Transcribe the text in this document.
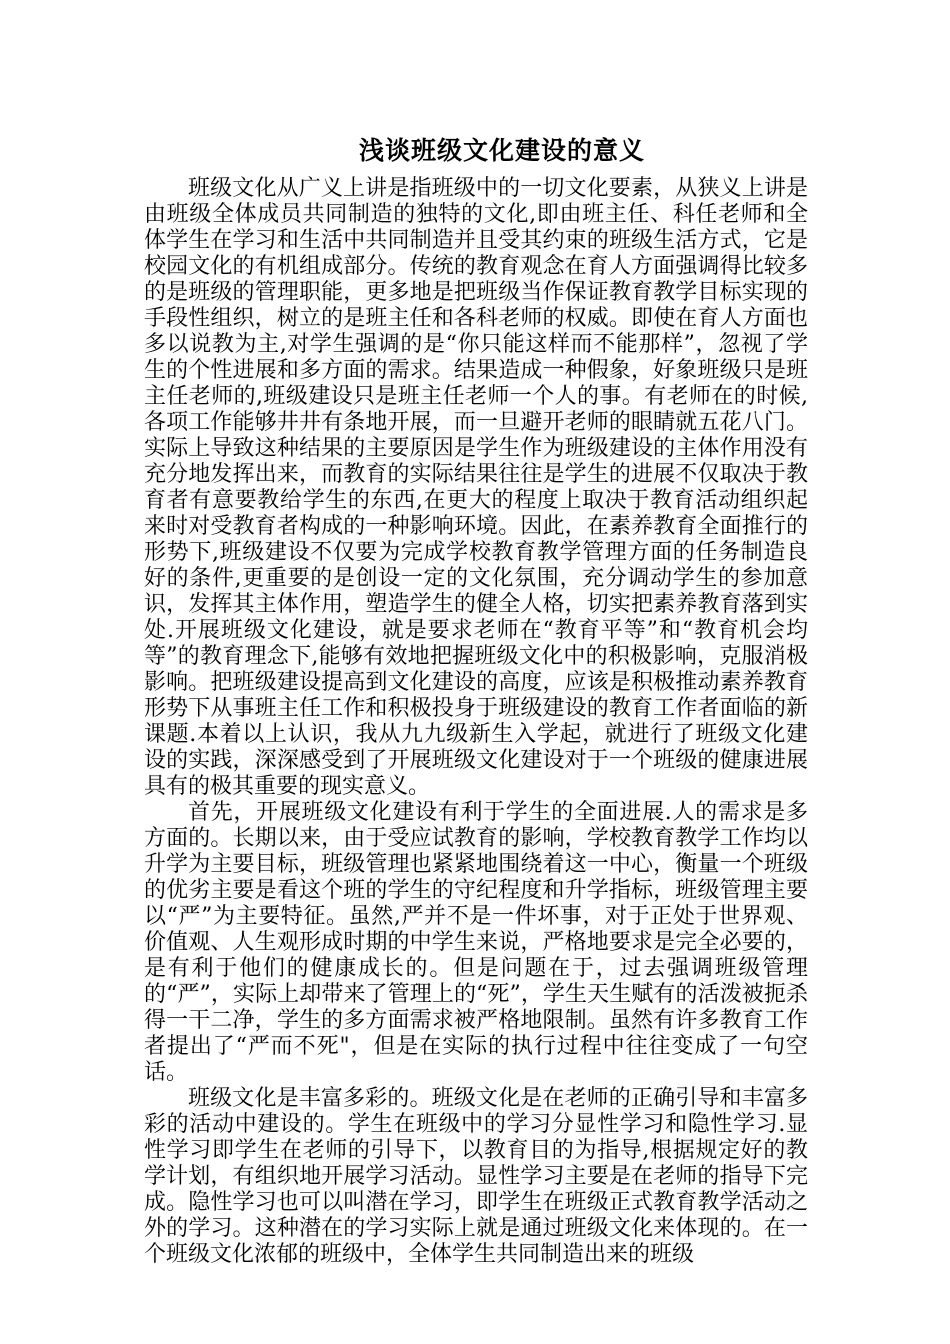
浅谈班级文化建设的意义

班级文化从广义上讲是指班级中的一切文化要素，从狭义上讲是由班级全体成员共同制造的独特的文化,即由班主任、科任老师和全体学生在学习和生活中共同制造并且受其约束的班级生活方式，它是校园文化的有机组成部分。传统的教育观念在育人方面强调得比较多的是班级的管理职能，更多地是把班级当作保证教育教学目标实现的手段性组织，树立的是班主任和各科老师的权威。即使在育人方面也多以说教为主,对学生强调的是“你只能这样而不能那样”，忽视了学生的个性进展和多方面的需求。结果造成一种假象，好象班级只是班主任老师的,班级建设只是班主任老师一个人的事。有老师在的时候,各项工作能够井井有条地开展，而一旦避开老师的眼睛就五花八门。实际上导致这种结果的主要原因是学生作为班级建设的主体作用没有充分地发挥出来，而教育的实际结果往往是学生的进展不仅取决于教育者有意要教给学生的东西,在更大的程度上取决于教育活动组织起来时对受教育者构成的一种影响环境。因此，在素养教育全面推行的形势下,班级建设不仅要为完成学校教育教学管理方面的任务制造良好的条件,更重要的是创设一定的文化氛围，充分调动学生的参加意识，发挥其主体作用，塑造学生的健全人格，切实把素养教育落到实处.开展班级文化建设，就是要求老师在“教育平等”和“教育机会均等”的教育理念下,能够有效地把握班级文化中的积极影响，克服消极影响。把班级建设提高到文化建设的高度，应该是积极推动素养教育形势下从事班主任工作和积极投身于班级建设的教育工作者面临的新课题.本着以上认识，我从九九级新生入学起，就进行了班级文化建设的实践，深深感受到了开展班级文化建设对于一个班级的健康进展具有的极其重要的现实意义。

首先，开展班级文化建设有利于学生的全面进展.人的需求是多方面的。长期以来，由于受应试教育的影响，学校教育教学工作均以升学为主要目标，班级管理也紧紧地围绕着这一中心，衡量一个班级的优劣主要是看这个班的学生的守纪程度和升学指标，班级管理主要以“严”为主要特征。虽然,严并不是一件坏事，对于正处于世界观、价值观、人生观形成时期的中学生来说，严格地要求是完全必要的，是有利于他们的健康成长的。但是问题在于，过去强调班级管理的“严”，实际上却带来了管理上的“死”，学生天生赋有的活泼被扼杀得一干二净，学生的多方面需求被严格地限制。虽然有许多教育工作者提出了“严而不死"，但是在实际的执行过程中往往变成了一句空话。

班级文化是丰富多彩的。班级文化是在老师的正确引导和丰富多彩的活动中建设的。学生在班级中的学习分显性学习和隐性学习.显性学习即学生在老师的引导下，以教育目的为指导,根据规定好的教学计划，有组织地开展学习活动。显性学习主要是在老师的指导下完成。隐性学习也可以叫潜在学习，即学生在班级正式教育教学活动之外的学习。这种潜在的学习实际上就是通过班级文化来体现的。在一个班级文化浓郁的班级中，全体学生共同制造出来的班级
